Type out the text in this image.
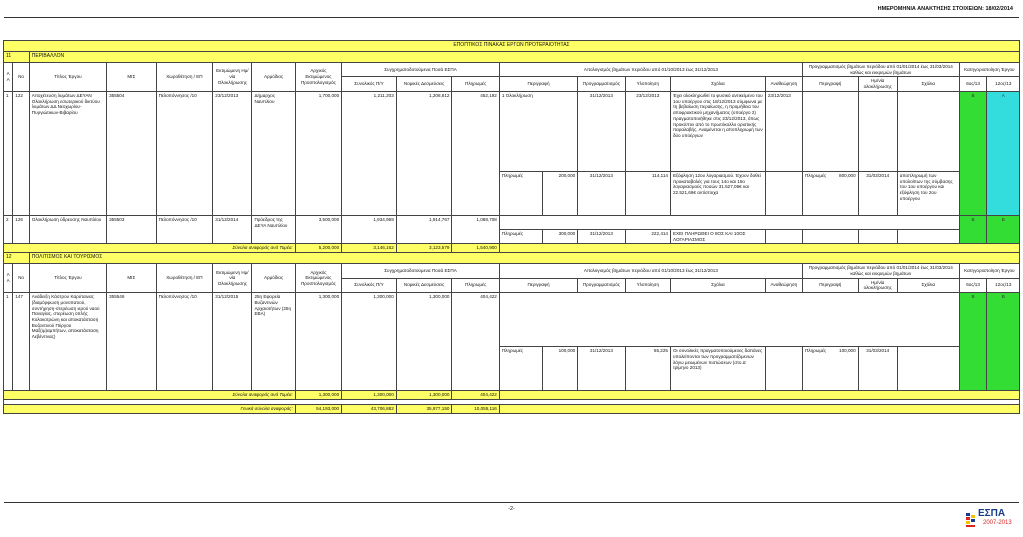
ΗΜΕΡΟΜΗΝΙΑ ΑΝΑΚΤΗΣΗΣ ΣΤΟΙΧΕΙΩΝ: 18/02/2014
ΕΠΟΠΤΙΚΟΣ ΠΙΝΑΚΑΣ ΕΡΓΩΝ ΠΡΟΤΕΡΑΙΟΤΗΤΑΣ																					
11		ΠΕΡΙΒΑΛΛΟΝ																			
ΑΑ	Νο	Τίτλος Έργου	ΜΙΣ	Χωροθέτηση / ΕΠ	Εκτιμώμενη Ημ/νία Ολοκλήρωσης	Αρμόδιος	Αρχικός Εκτιμώμενος Προϋπολογισμός	Συγχρηματοδοτούμενα Ποσά ΕΣΠΑ			Απολογισμός βημάτων περιόδου από 01/10/2013 έως 31/12/2013						Προγραμματισμός βημάτων περιόδου από 01/01/2014 έως 31/03/2014 καθώς και εκκρεμών βημάτων			Κατηγοριοποίηση Έργου	
								Συνολικός Π/Υ	Νομικές Δεσμεύσεις	Πληρωμές	Περιγραφή		Προγραμματισμός	Υλοποίηση	Σχόλια	Αναθεώρηση	Περιγραφή	Ημ/νία ολοκλήρωσης	Σχόλια	6ος/13	12ος/13
1	122	Αποχέτευση λυμάτων ΔΕΥΑΝ Ολοκλήρωση εσωτερικού δικτύου λυμάτων ΔΔ Νεοχωρίου-Πυργιώτικων-Βιβαρίου	355504	Πελοπόννησος /10	23/12/2013	Δήμαρχος Ναυπλίου	1,700,000	1,211,203	1,208,812	452,192	1 Ολοκλήρωση		31/12/2013	23/12/2013	Έχει ολοκληρωθεί το φυσικό αντικείμενο του 1ου υποέργου στις 18/12/2013 σύμφωνα με τη βεβαίωση περαίωσης, η προμήθεια του αποφρακτικού μηχανήματος (υποέργο 2) πραγματοποιήθηκε στις 23/12/2013, όπως προκύπτει από το πρωτόκολλο οριστικής παραλαβής. Αναμένεται η αποπληρωμή των δύο υποέργων	23/12/2013				B	A
											Πληρωμές	200,000	31/12/2013	114,114	Εξόφληση 12ου λογαριασμού. Έχουν δοθεί προκαταβολές για τους 14ο και 15ο λογαριασμούς ποσών 31.527,06€ και 22.521,66€ αντίστοιχα		Πληρωμές 800,000	31/03/2014	αποπληρωμή των υπολοίπων της σύμβασης του 1ου υποέργου και εξόφληση του 2ου υποέργου		
2	126	Ολοκλήρωση ύδρευσης Ναυπλίου	355503	Πελοπόννησος /10	31/12/2014	Πρόεδρος της ΔΕΥΑ Ναυπλίου	3,500,000	1,934,959	1,914,767	1,088,708										B	B
											Πληρωμές	300,000	31/12/2013	222,414	ΕΧΕΙ ΠΛΗΡΩΘΕΙ Ο 8ΟΣ ΚΑΙ 10ΟΣ ΛΟΓΑΡΙΑΣΜΟΣ						
Σύνολα αναφοράς ανά Τομέα:							5,200,000	3,146,162	3,123,579	1,540,900											
12		ΠΟΛΙΤΙΣΜΟΣ ΚΑΙ ΤΟΥΡΙΣΜΟΣ																			
ΑΑ	Νο	Τίτλος Έργου	ΜΙΣ	Χωροθέτηση / ΕΠ	Εκτιμώμενη Ημ/νία Ολοκλήρωσης	Αρμόδιος	Αρχικός Εκτιμώμενος Προϋπολογισμός	Συγχρηματοδοτούμενα Ποσά ΕΣΠΑ			Απολογισμός βημάτων περιόδου από 01/10/2013 έως 31/12/2013						Προγραμματισμός βημάτων περιόδου από 01/01/2014 έως 31/03/2014 καθώς και εκκρεμών βημάτων			Κατηγοριοποίηση Έργου	
								Συνολικός Π/Υ	Νομικές Δεσμεύσεις	Πληρωμές	Περιγραφή		Προγραμματισμός	Υλοποίηση	Σχόλια	Αναθεώρηση	Περιγραφή	Ημ/νία ολοκλήρωσης	Σχόλια	6ος/13	12ος/13
1	147	Ανάδειξη Κάστρου Καρύταινας (διαμόρφωση μονοπατιού, συντήρηση-στερέωση ιερού ναού Παναγίας, στερέωση οπλής Κολοκοτρώνη και αποκατάσταση Βυζαντινού Πύργου Μαξ(ιμ)αμπήτων, αποκατάσταση Λεβέντινας)	355546	Πελοπόννησος /10	31/12/2015	25η Εφορεία Βυζαντινών Αρχαιοτήτων (25η ΕΒΑ)	1,300,000	1,300,000	1,300,000	404,422										B	B
											Πληρωμές	100,000	31/12/2013	65,225	Οι συνολικές πραγματοποιούμενες δαπάνες υπολείπονται των προγραμματιζόμενων λόγω μειωμένων πιστώσεων (στο Δ' τρίμηνο 2013)		Πληρωμές 100,000	31/03/2014			
Σύνολα αναφοράς ανά Τομέα:							1,300,000	1,300,000	1,300,000	404,422											

Γενικά σύνολα αναφοράς:							54,193,000	43,706,882	35,877,150	10,055,116											
-2-	ΕΣΠΑ
2007-2013
